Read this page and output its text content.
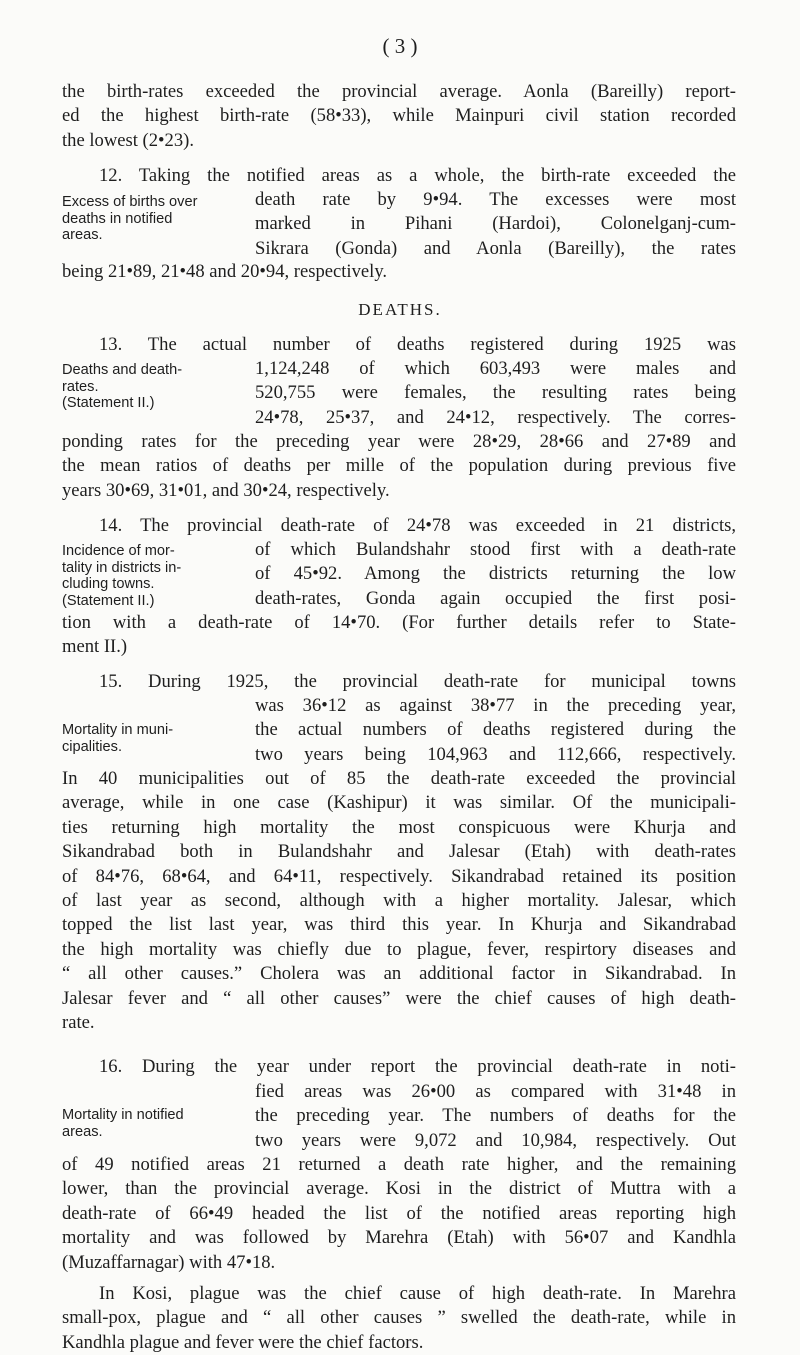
( 3 )
the birth-rates exceeded the provincial average. Aonla (Bareilly) report-
ed the highest birth-rate (58•33), while Mainpuri civil station recorded
the lowest (2•23).
12. Taking the notified areas as a whole, the birth-rate exceeded the
Excess of births over
deaths in notified
areas.
death rate by 9•94. The excesses were most
marked in Pihani (Hardoi), Colonelganj-cum-
Sikrara (Gonda) and Aonla (Bareilly), the rates
being 21•89, 21•48 and 20•94, respectively.
DEATHS.
13. The actual number of deaths registered during 1925 was
Deaths and death-
rates.
(Statement II.)
1,124,248 of which 603,493 were males and
520,755 were females, the resulting rates being
24•78, 25•37, and 24•12, respectively. The corres-
ponding rates for the preceding year were 28•29, 28•66 and 27•89 and
the mean ratios of deaths per mille of the population during previous five
years 30•69, 31•01, and 30•24, respectively.
14. The provincial death-rate of 24•78 was exceeded in 21 districts,
Incidence of mor-
tality in districts in-
cluding towns.
(Statement II.)
of which Bulandshahr stood first with a death-rate
of 45•92. Among the districts returning the low
death-rates, Gonda again occupied the first posi-
tion with a death-rate of 14•70. (For further details refer to State-
ment II.)
15. During 1925, the provincial death-rate for municipal towns
Mortality in muni-
cipalities.
was 36•12 as against 38•77 in the preceding year,
the actual numbers of deaths registered during the
two years being 104,963 and 112,666, respectively.
In 40 municipalities out of 85 the death-rate exceeded the provincial
average, while in one case (Kashipur) it was similar. Of the municipali-
ties returning high mortality the most conspicuous were Khurja and
Sikandrabad both in Bulandshahr and Jalesar (Etah) with death-rates
of 84•76, 68•64, and 64•11, respectively. Sikandrabad retained its position
of last year as second, although with a higher mortality. Jalesar, which
topped the list last year, was third this year. In Khurja and Sikandrabad
the high mortality was chiefly due to plague, fever, respirtory diseases and
“ all other causes.” Cholera was an additional factor in Sikandrabad. In
Jalesar fever and “ all other causes” were the chief causes of high death-
rate.
16. During the year under report the provincial death-rate in noti-
Mortality in notified
areas.
fied areas was 26•00 as compared with 31•48 in
the preceding year. The numbers of deaths for the
two years were 9,072 and 10,984, respectively. Out
of 49 notified areas 21 returned a death rate higher, and the remaining
lower, than the provincial average. Kosi in the district of Muttra with a
death-rate of 66•49 headed the list of the notified areas reporting high
mortality and was followed by Marehra (Etah) with 56•07 and Kandhla
(Muzaffarnagar) with 47•18.
In Kosi, plague was the chief cause of high death-rate. In Marehra
small-pox, plague and “ all other causes ” swelled the death-rate, while in
Kandhla plague and fever were the chief factors.
